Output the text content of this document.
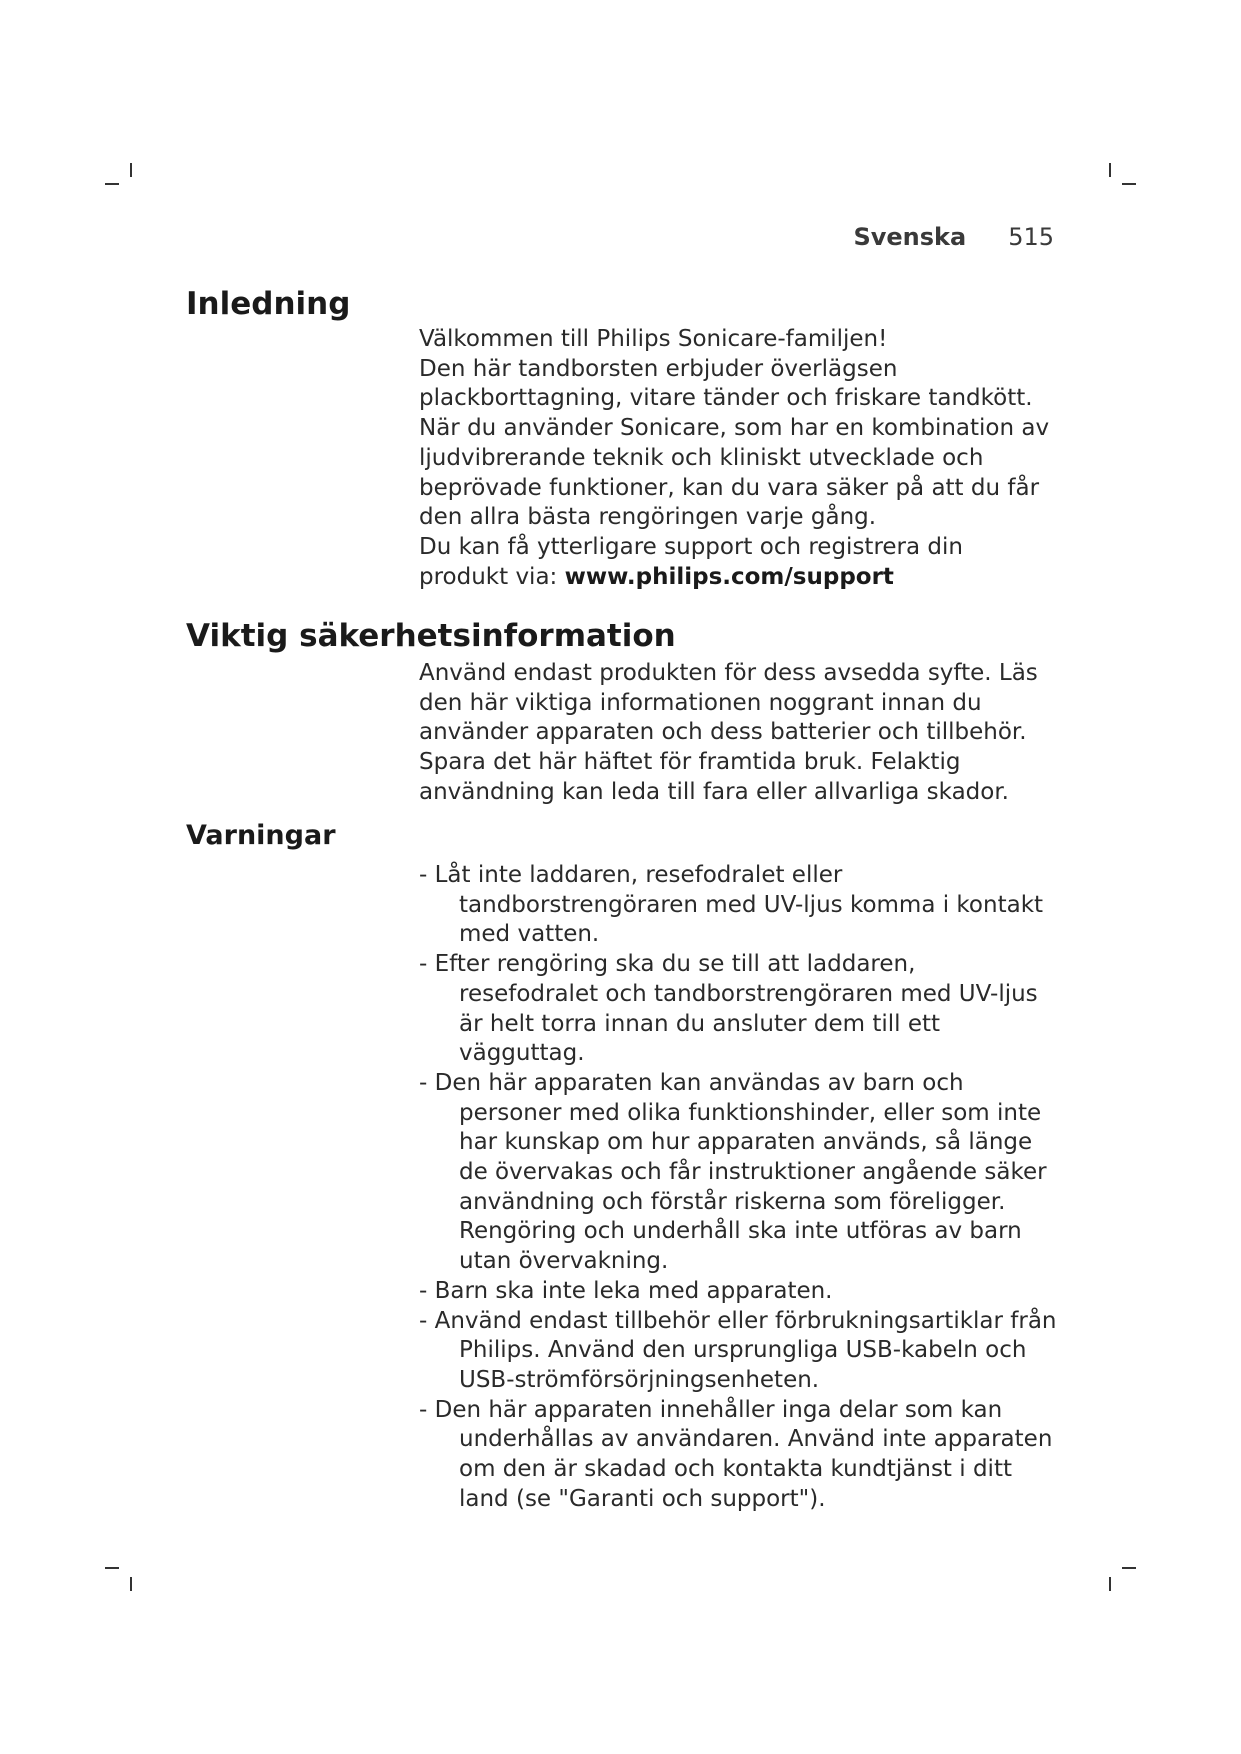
Svenska 515
Inledning

Välkommen till Philips Sonicare-familjen!

Den här tandborsten erbjuder överlägsen plackborttagning, vitare tänder och friskare tandkött. När du använder Sonicare, som har en kombination av ljudvibrerande teknik och kliniskt utvecklade och beprövade funktioner, kan du vara säker på att du får den allra bästa rengöringen varje gång.

Du kan få ytterligare support och registrera din produkt via: www.philips.com/support

Viktig säkerhetsinformation

Använd endast produkten för dess avsedda syfte. Läs den här viktiga informationen noggrant innan du använder apparaten och dess batterier och tillbehör. Spara det här häftet för framtida bruk. Felaktig användning kan leda till fara eller allvarliga skador.

Varningar
- Låt inte laddaren, resefodralet eller tandborstrengöraren med UV-ljus komma i kontakt med vatten.
- Efter rengöring ska du se till att laddaren, resefodralet och tandborstrengöraren med UV-ljus är helt torra innan du ansluter dem till ett vägguttag.
- Den här apparaten kan användas av barn och personer med olika funktionshinder, eller som inte har kunskap om hur apparaten används, så länge de övervakas och får instruktioner angående säker användning och förstår riskerna som föreligger. Rengöring och underhåll ska inte utföras av barn utan övervakning.
- Barn ska inte leka med apparaten.
- Använd endast tillbehör eller förbrukningsartiklar från Philips. Använd den ursprungliga USB-kabeln och USB-strömförsörjningsenheten.
- Den här apparaten innehåller inga delar som kan underhållas av användaren. Använd inte apparaten om den är skadad och kontakta kundtjänst i ditt land (se "Garanti och support").
